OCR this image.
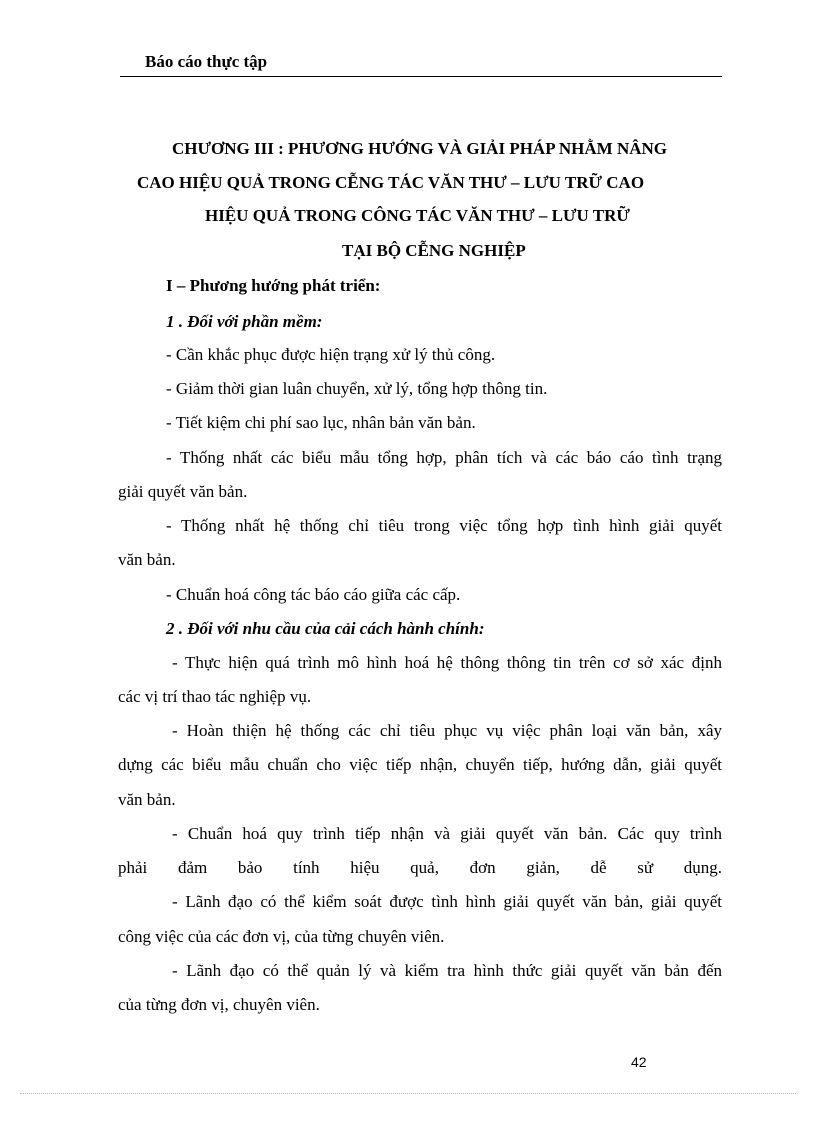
Báo cáo thực tập
CHƯƠNG III : PHƯƠNG HƯỚNG VÀ GIẢI PHÁP NHẰM NÂNG
CAO HIỆU QUẢ TRONG CỄNG TÁC VĂN THƯ – LƯU TRỮ CAO
HIỆU QUẢ TRONG CÔNG TÁC VĂN THƯ – LƯU TRỮ
TẠI BỘ CỄNG NGHIỆP
I – Phương hướng phát triển:
1 . Đối với phần mềm:
- Cần khắc phục được hiện trạng xử lý thủ công.
- Giảm thời gian luân chuyển, xử lý, tổng hợp thông tin.
- Tiết kiệm chi phí sao lục, nhân bản văn bản.
- Thống nhất các biểu mẫu tổng hợp, phân tích và các báo cáo tình trạng
giải quyết văn bản.
- Thống nhất hệ thống chỉ tiêu trong việc tổng hợp tình hình giải quyết
văn bản.
- Chuẩn hoá công tác báo cáo giữa các cấp.
2 . Đối với nhu cầu của cải cách hành chính:
- Thực hiện quá trình mô hình hoá hệ thông thông tin trên cơ sở xác định
các vị trí thao tác nghiệp vụ.
- Hoàn thiện hệ thống các chỉ tiêu phục vụ việc phân loại văn bản, xây
dựng các biểu mẫu chuẩn cho việc tiếp nhận, chuyển tiếp, hướng dẫn, giải quyết
văn bản.
- Chuẩn hoá quy trình tiếp nhận và giải quyết văn bản. Các quy trình
phải đảm bảo tính hiệu quả, đơn giản, dễ sử dụng.
- Lãnh đạo có thể kiểm soát được tình hình giải quyết văn bản, giải quyết
công việc của các đơn vị, của từng chuyên viên.
- Lãnh đạo có thể quản lý và kiểm tra hình thức giải quyết văn bản đến
của từng đơn vị, chuyên viên.
42
